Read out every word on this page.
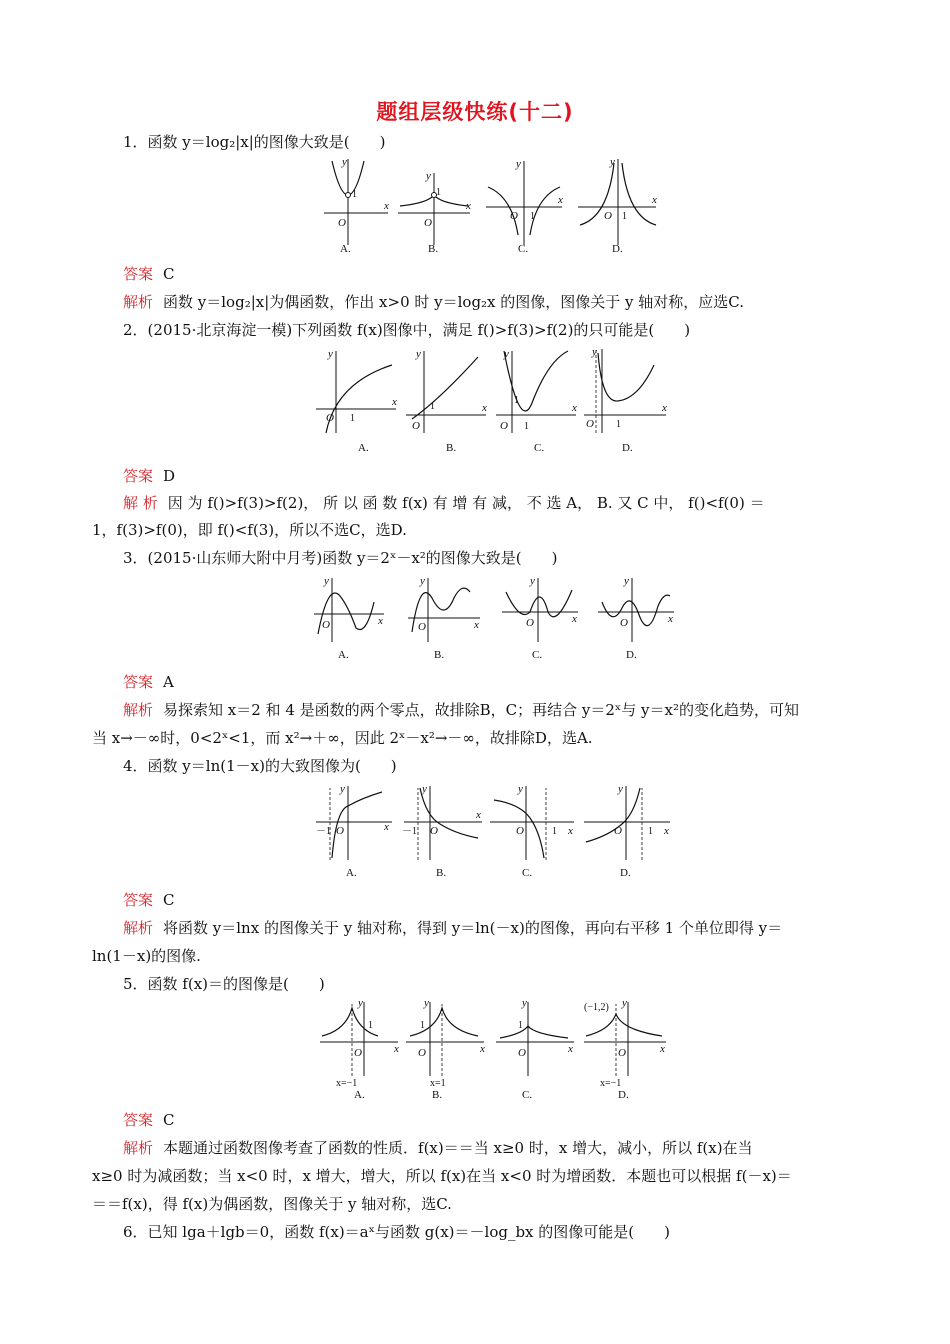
题组层级快练(十二)
1．函数 y＝log₂|x|的图像大致是(　　)
y
x
O
1
A.
y
x
O
1
B.
y
x
O 1
C.
y
x
O 1
D.
答案 C
解析 函数 y＝log₂|x|为偶函数，作出 x>0 时 y＝log₂x 的图像，图像关于 y 轴对称，应选C.
2．(2015·北京海淀一模)下列函数 f(x)图像中，满足 f()>f(3)>f(2)的只可能是(　　)
y
x
O 1
A.
y
x
O
1
B.
y
x
O
1
1
C.
y
x
O 1
D.
答案 D
解 析 因 为 f()>f(3)>f(2)， 所 以 函 数 f(x) 有 增 有 减， 不 选 A， B. 又 C 中， f()<f(0) ＝
1，f(3)>f(0)，即 f()<f(3)，所以不选C，选D.
3．(2015·山东师大附中月考)函数 y＝2ˣ－x²的图像大致是(　　)
y
x
O
A.
y
x
O
B.
y
x
O
C.
y
x
O
D.
答案 A
解析 易探索知 x＝2 和 4 是函数的两个零点，故排除B，C；再结合 y＝2ˣ与 y＝x²的变化趋势，可知
当 x→－∞时，0<2ˣ<1，而 x²→＋∞，因此 2ˣ－x²→－∞，故排除D，选A.
4．函数 y＝ln(1－x)的大致图像为(　　)
y
x
－1 O
A.
y
x
－1 O
B.
y
x
O	1
C.
y
x
O	1
D.
答案 C
解析 将函数 y＝lnx 的图像关于 y 轴对称，得到 y＝ln(－x)的图像，再向右平移 1 个单位即得 y＝
ln(1－x)的图像.
5．函数 f(x)＝的图像是(　　)
y
x
1
O
x=−1
A.
y
x
1
O
x=1
B.
y
x
1
O
C.
y
x
(−1,2)
O
x=−1
D.
答案 C
解析 本题通过函数图像考查了函数的性质．f(x)＝＝当 x≥0 时，x 增大，减小，所以 f(x)在当
x≥0 时为减函数；当 x<0 时，x 增大，增大，所以 f(x)在当 x<0 时为增函数．本题也可以根据 f(－x)＝
＝＝f(x)，得 f(x)为偶函数，图像关于 y 轴对称，选C.
6．已知 lga＋lgb＝0，函数 f(x)＝aˣ与函数 g(x)＝－log_bx 的图像可能是(　　)
